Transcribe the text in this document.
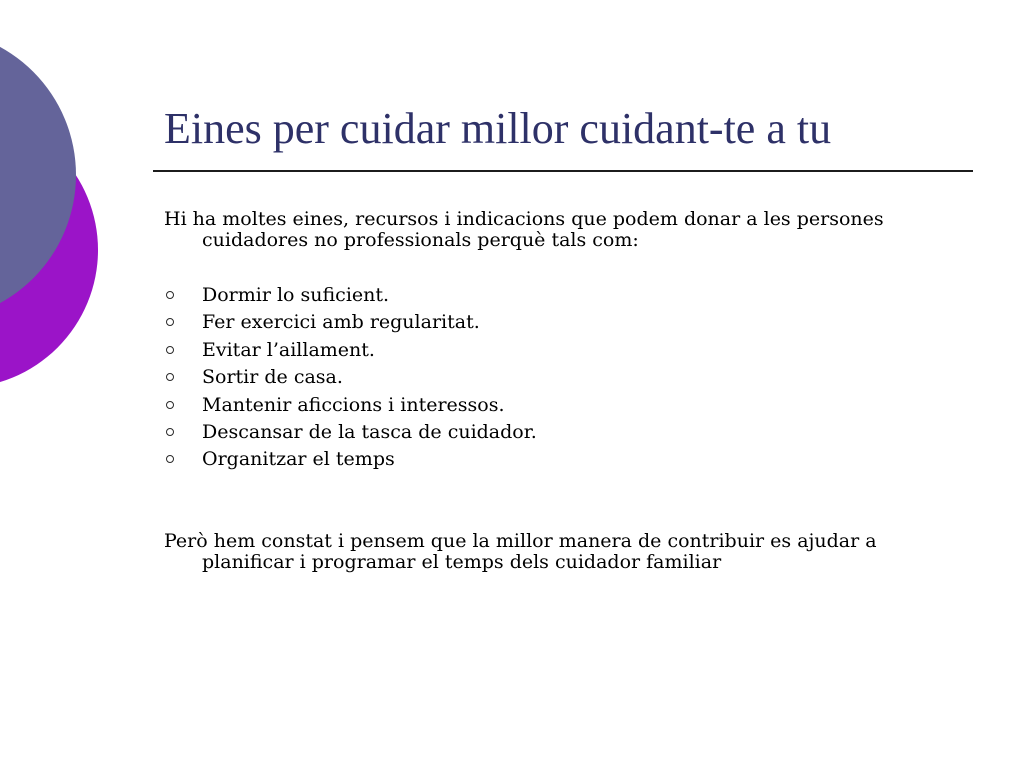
Eines per cuidar millor cuidant-te a tu

Hi ha moltes eines, recursos i indicacions que podem donar a les persones cuidadores no professionals perquè tals com:

Dormir lo suficient.
Fer exercici amb regularitat.
Evitar l’aillament.
Sortir de casa.
Mantenir aficcions i interessos.
Descansar de la tasca de cuidador.
Organitzar el temps

Però hem constat i pensem que la millor manera de contribuir es ajudar a planificar i programar el temps dels cuidador familiar
